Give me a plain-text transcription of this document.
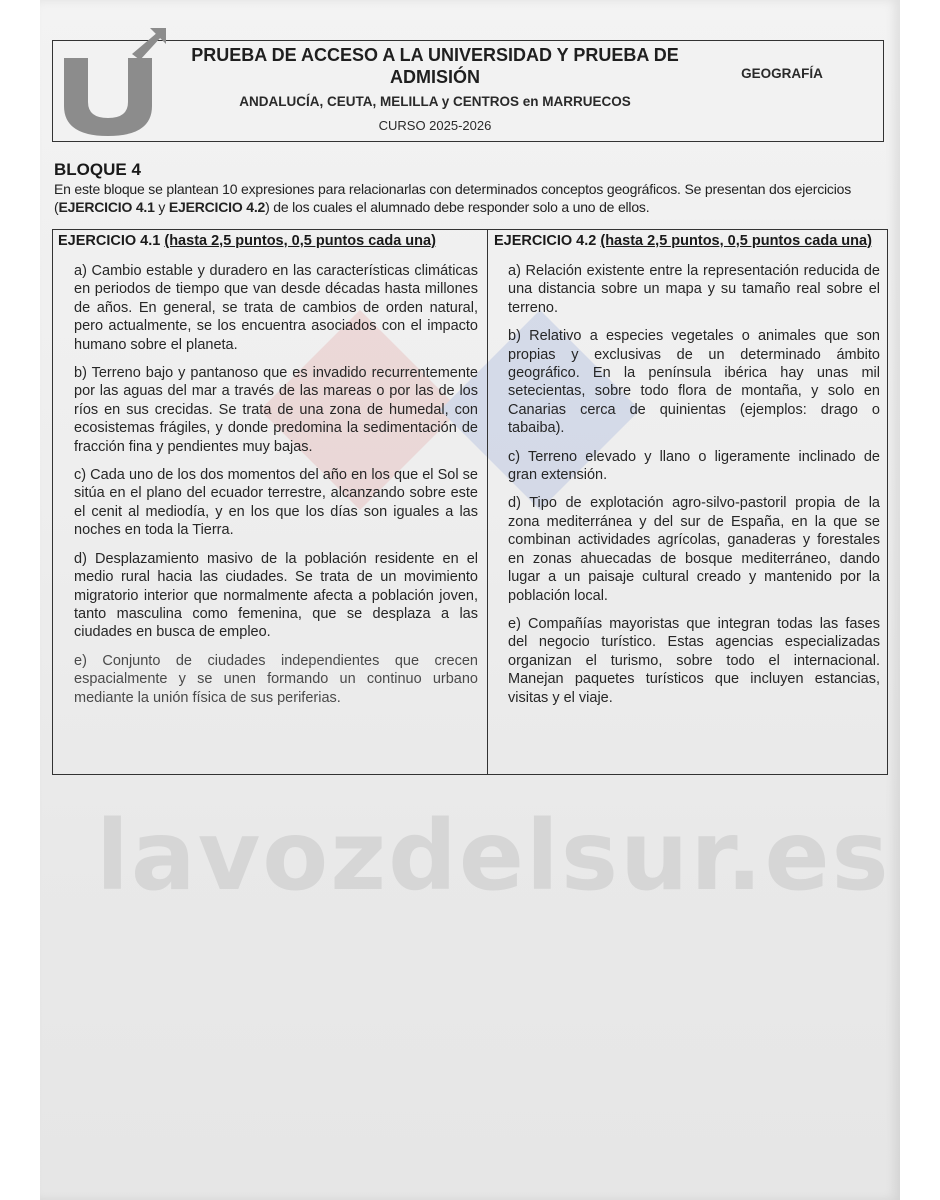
PRUEBA DE ACCESO A LA UNIVERSIDAD Y PRUEBA DE ADMISIÓN
ANDALUCÍA, CEUTA, MELILLA y CENTROS en MARRUECOS
CURSO 2025-2026
GEOGRAFÍA
BLOQUE 4
En este bloque se plantean 10 expresiones para relacionarlas con determinados conceptos geográficos. Se presentan dos ejercicios (EJERCICIO 4.1 y EJERCICIO 4.2) de los cuales el alumnado debe responder solo a uno de ellos.
EJERCICIO 4.1 (hasta 2,5 puntos, 0,5 puntos cada una)
a) Cambio estable y duradero en las características climáticas en periodos de tiempo que van desde décadas hasta millones de años. En general, se trata de cambios de orden natural, pero actualmente, se los encuentra asociados con el impacto humano sobre el planeta.
b) Terreno bajo y pantanoso que es invadido recurrentemente por las aguas del mar a través de las mareas o por las de los ríos en sus crecidas. Se trata de una zona de humedal, con ecosistemas frágiles, y donde predomina la sedimentación de fracción fina y pendientes muy bajas.
c) Cada uno de los dos momentos del año en los que el Sol se sitúa en el plano del ecuador terrestre, alcanzando sobre este el cenit al mediodía, y en los que los días son iguales a las noches en toda la Tierra.
d) Desplazamiento masivo de la población residente en el medio rural hacia las ciudades. Se trata de un movimiento migratorio interior que normalmente afecta a población joven, tanto masculina como femenina, que se desplaza a las ciudades en busca de empleo.
e) Conjunto de ciudades independientes que crecen espacialmente y se unen formando un continuo urbano mediante la unión física de sus periferias.
EJERCICIO 4.2 (hasta 2,5 puntos, 0,5 puntos cada una)
a) Relación existente entre la representación reducida de una distancia sobre un mapa y su tamaño real sobre el terreno.
b) Relativo a especies vegetales o animales que son propias y exclusivas de un determinado ámbito geográfico. En la península ibérica hay unas mil setecientas, sobre todo flora de montaña, y solo en Canarias cerca de quinientas (ejemplos: drago o tabaiba).
c) Terreno elevado y llano o ligeramente inclinado de gran extensión.
d) Tipo de explotación agro-silvo-pastoril propia de la zona mediterránea y del sur de España, en la que se combinan actividades agrícolas, ganaderas y forestales en zonas ahuecadas de bosque mediterráneo, dando lugar a un paisaje cultural creado y mantenido por la población local.
e) Compañías mayoristas que integran todas las fases del negocio turístico. Estas agencias especializadas organizan el turismo, sobre todo el internacional. Manejan paquetes turísticos que incluyen estancias, visitas y el viaje.
lavozdelsur.es
